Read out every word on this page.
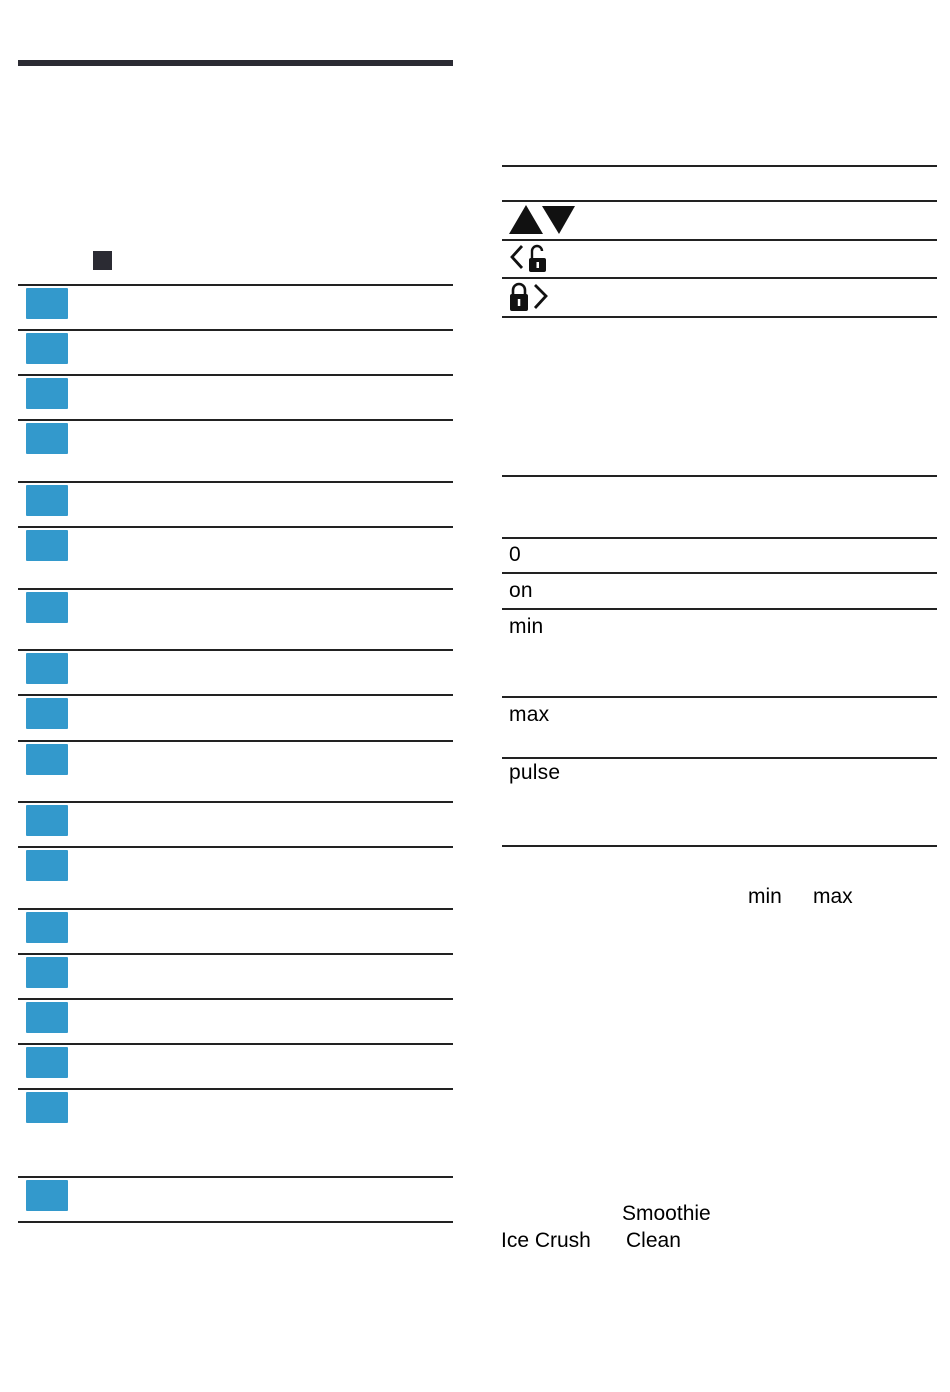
0
on
min
max
pulse
min max
Smoothie
Ice Crush Clean
